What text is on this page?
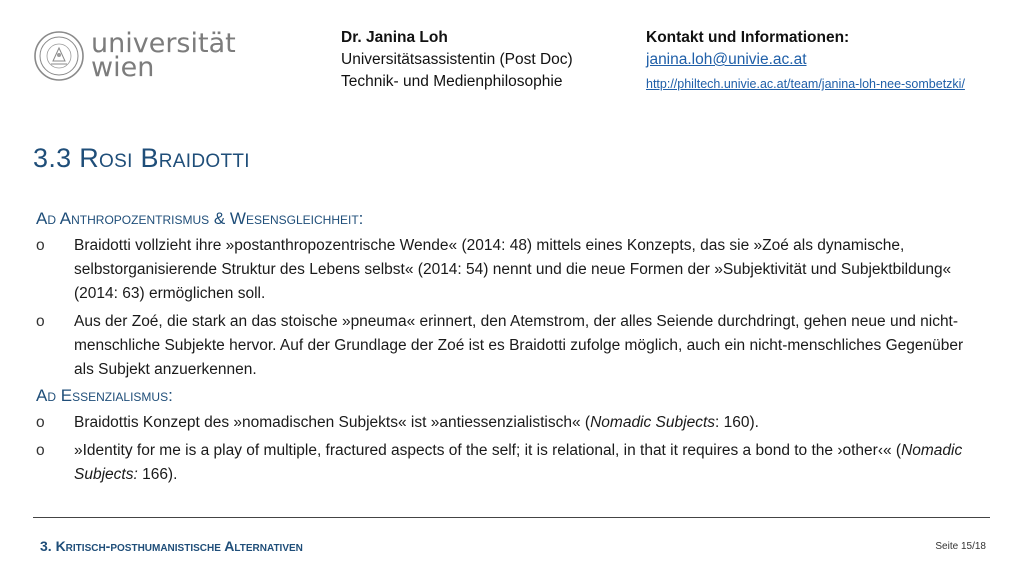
universität
wien
Dr. Janina Loh
Universitätsassistentin (Post Doc)
Technik- und Medienphilosophie
Kontakt und Informationen:
janina.loh@univie.ac.at
http://philtech.univie.ac.at/team/janina-loh-nee-sombetzki/
3.3 Rosi Braidotti
Ad Anthropozentrismus & Wesensgleichheit:
o	Braidotti vollzieht ihre »postanthropozentrische Wende« (2014: 48) mittels eines Konzepts, das sie »Zoé als dynamische, selbstorganisierende Struktur des Lebens selbst« (2014: 54) nennt und die neue Formen der »Subjektivität und Subjektbildung« (2014: 63) ermöglichen soll.
o	Aus der Zoé, die stark an das stoische »pneuma« erinnert, den Atemstrom, der alles Seiende durchdringt, gehen neue und nicht-menschliche Subjekte hervor. Auf der Grundlage der Zoé ist es Braidotti zufolge möglich, auch ein nicht-menschliches Gegenüber als Subjekt anzuerkennen.
Ad Essenzialismus:
o	Braidottis Konzept des »nomadischen Subjekts« ist »antiessenzialistisch« (Nomadic Subjects: 160).
o	»Identity for me is a play of multiple, fractured aspects of the self; it is relational, in that it requires a bond to the ›other‹« (Nomadic Subjects: 166).
3. Kritisch-posthumanistische Alternativen	Seite 15/18
